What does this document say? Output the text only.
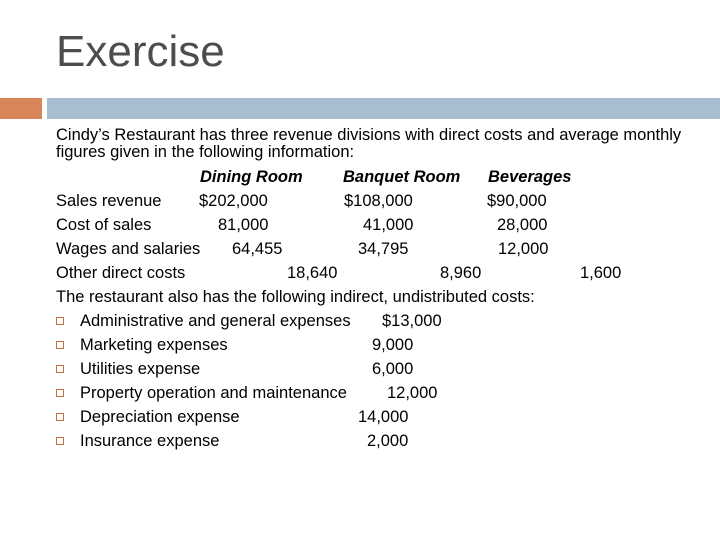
Exercise
Cindy’s Restaurant has three revenue divisions with direct costs and average monthly figures given in the following information:
Dining Room Banquet Room Beverages
Sales revenue $202,000	$108,000	$90,000
Cost of sales	81,000	41,000	28,000
Wages and salaries 64,455	34,795	12,000
Other direct costs	18,640	8,960	1,600
The restaurant also has the following indirect, undistributed costs:
Administrative and general expenses $13,000
Marketing expenses	9,000
Utilities expense	6,000
Property operation and maintenance 12,000
Depreciation expense	14,000
Insurance expense	2,000
